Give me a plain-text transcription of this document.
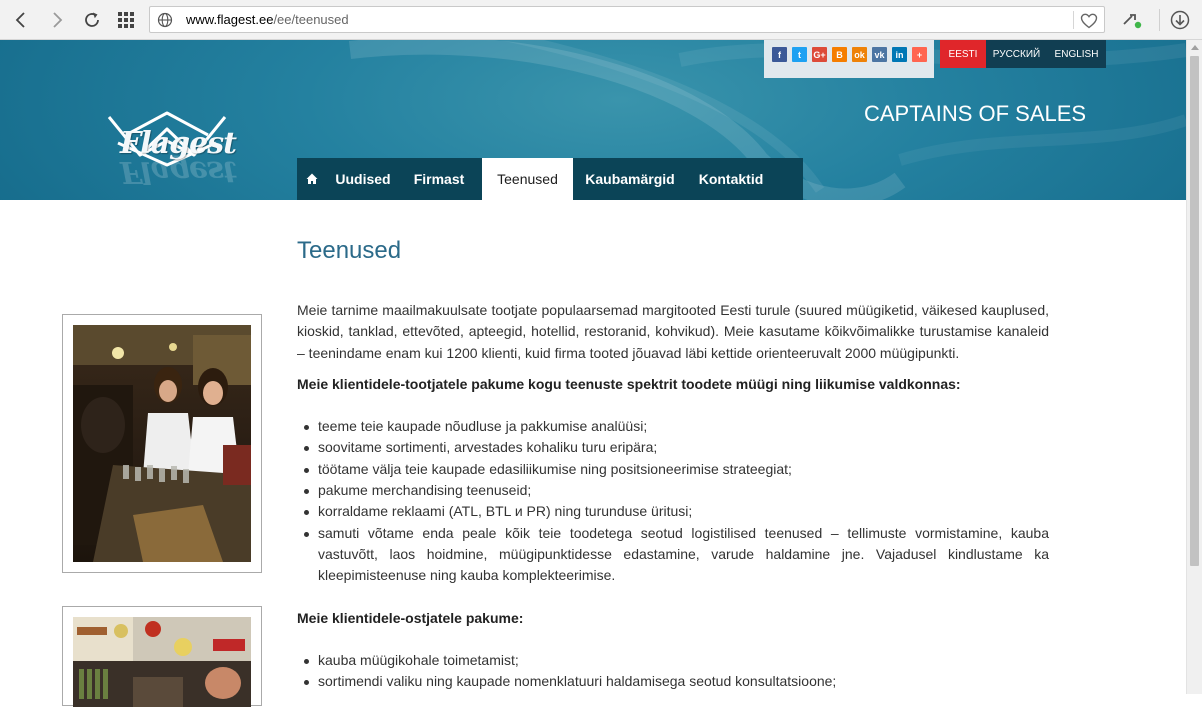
www.flagest.ee/ee/teenused
Flagest
Flagest
f	t	G+	B	ok vk	in	+	EESTI	РУССКИЙ	ENGLISH
CAPTAINS OF SALES
Uudised	Firmast	Teenused	Kaubamärgid	Kontaktid
Teenused

Meie tarnime maailmakuulsate tootjate populaarsemad margitooted Eesti turule (suured müügiketid, väikesed kauplused, kioskid, tanklad, ettevõted, apteegid, hotellid, restoranid, kohvikud). Meie kasutame kõikvõimalikke turustamise kanaleid – teenindame enam kui 1200 klienti, kuid firma tooted jõuavad läbi kettide orienteeruvalt 2000 müügipunkti.

Meie klientidele-tootjatele pakume kogu teenuste spektrit toodete müügi ning liikumise valdkonnas:

teeme teie kaupade nõudluse ja pakkumise analüüsi;
soovitame sortimenti, arvestades kohaliku turu eripära;
töötame välja teie kaupade edasiliikumise ning positsioneerimise strateegiat;
pakume merchandising teenuseid;
korraldame reklaami (ATL, BTL и PR) ning turunduse üritusi;
samuti võtame enda peale kõik teie toodetega seotud logistilised teenused – tellimuste vormistamine, kauba vastuvõtt, laos hoidmine, müügipunktidesse edastamine, varude haldamine jne. Vajadusel kindlustame ka kleepimisteenuse ning kauba komplekteerimise.

Meie klientidele-ostjatele pakume:

kauba müügikohale toimetamist;
sortimendi valiku ning kaupade nomenklatuuri haldamisega seotud konsultatsioone;
